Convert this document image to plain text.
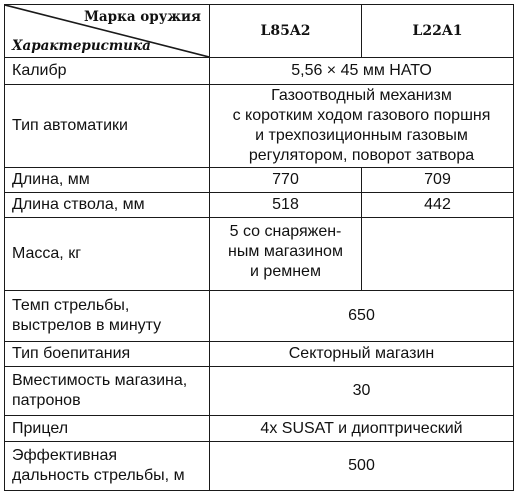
Марка оружия
Характеристика	L85A2	L22A1
Калибр	5,56 × 45 мм НАТО	
Тип автоматики	Газоотводный механизм
с коротким ходом газового поршня
и трехпозиционным газовым
регулятором, поворот затвора	
Длина, мм	770	709
Длина ствола, мм	518	442
Масса, кг	5 со снаряжен-
ным магазином
и ремнем	
Темп стрельбы,
выстрелов в минуту	650	
Тип боепитания	Секторный магазин	
Вместимость магазина,
патронов	30	
Прицел	4x SUSAT и диоптрический	
Эффективная
дальность стрельбы, м	500	
